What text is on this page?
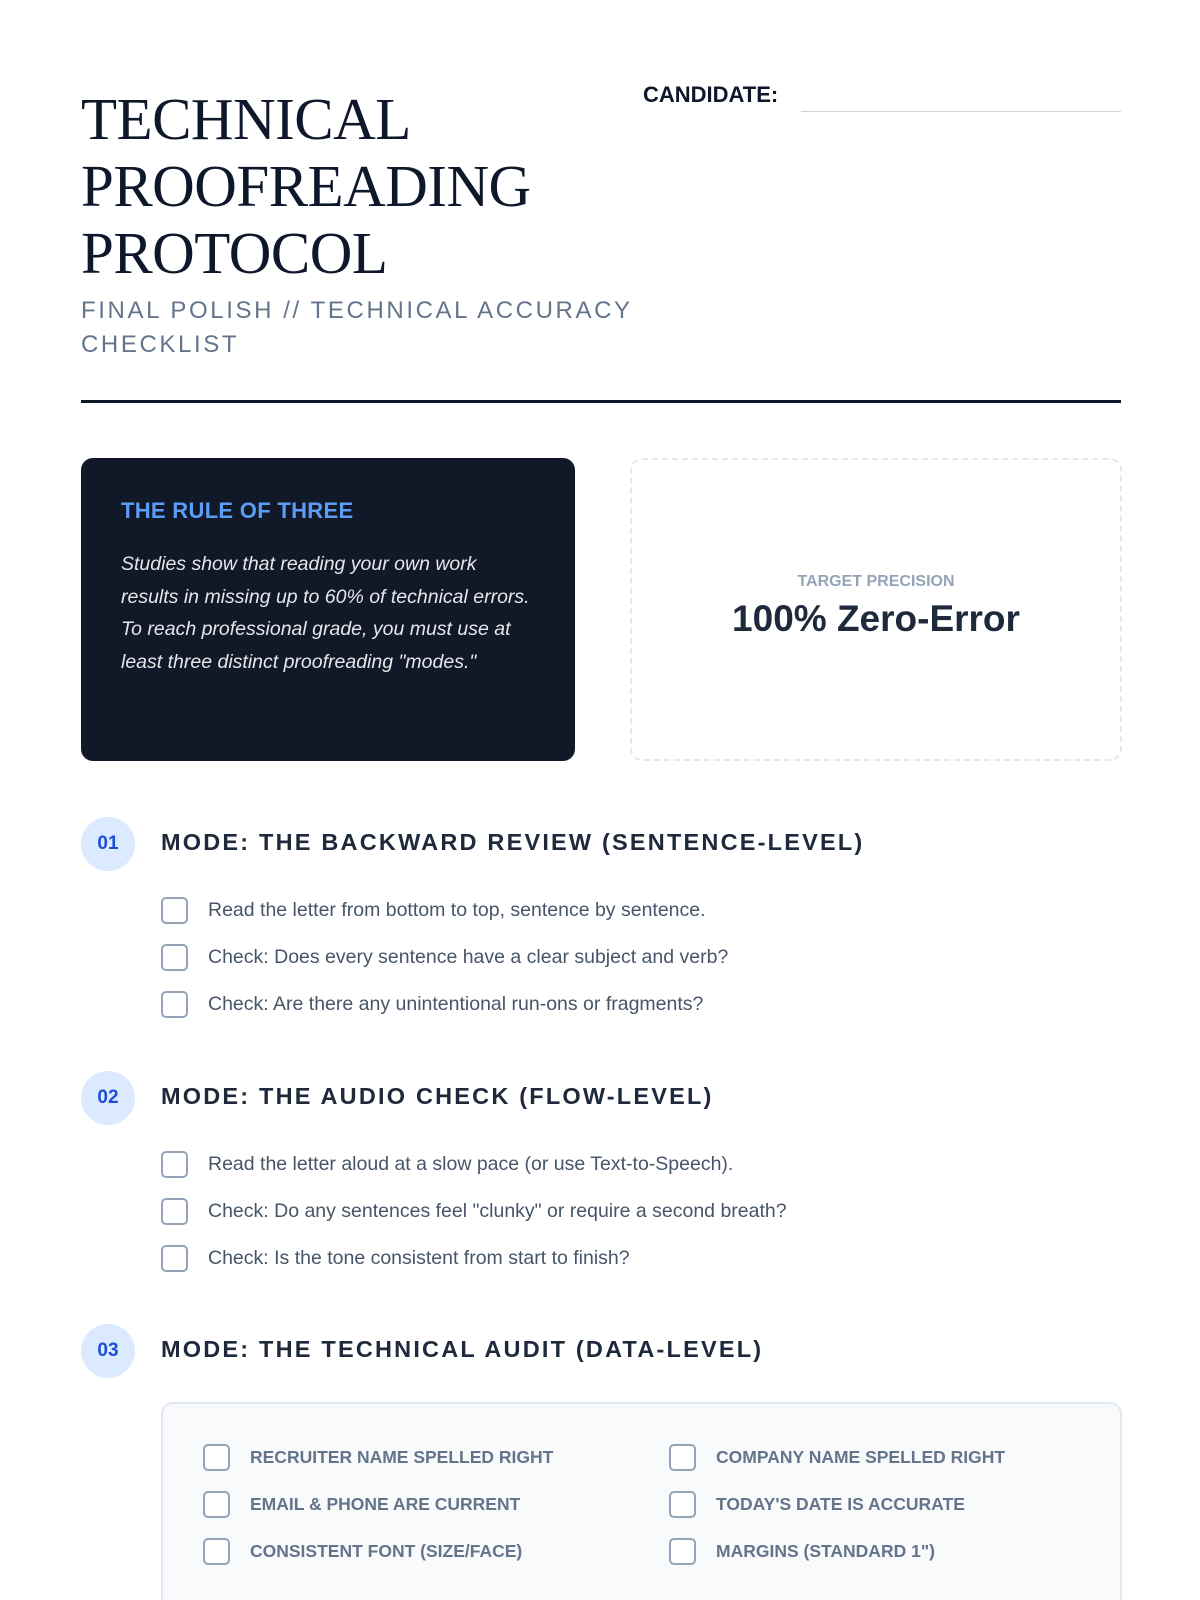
TECHNICAL
PROOFREADING
PROTOCOL
FINAL POLISH // TECHNICAL ACCURACY CHECKLIST
CANDIDATE:
THE RULE OF THREE

Studies show that reading your own work results in missing up to 60% of technical errors. To reach professional grade, you must use at least three distinct proofreading "modes."

TARGET PRECISION
100% Zero-Error
01	MODE: THE BACKWARD REVIEW (SENTENCE-LEVEL)
Read the letter from bottom to top, sentence by sentence.
Check: Does every sentence have a clear subject and verb?
Check: Are there any unintentional run-ons or fragments?
02	MODE: THE AUDIO CHECK (FLOW-LEVEL)
Read the letter aloud at a slow pace (or use Text-to-Speech).
Check: Do any sentences feel "clunky" or require a second breath?
Check: Is the tone consistent from start to finish?
03	MODE: THE TECHNICAL AUDIT (DATA-LEVEL)
RECRUITER NAME SPELLED RIGHT
EMAIL & PHONE ARE CURRENT
CONSISTENT FONT (SIZE/FACE)
COMPANY NAME SPELLED RIGHT
TODAY'S DATE IS ACCURATE
MARGINS (STANDARD 1")
